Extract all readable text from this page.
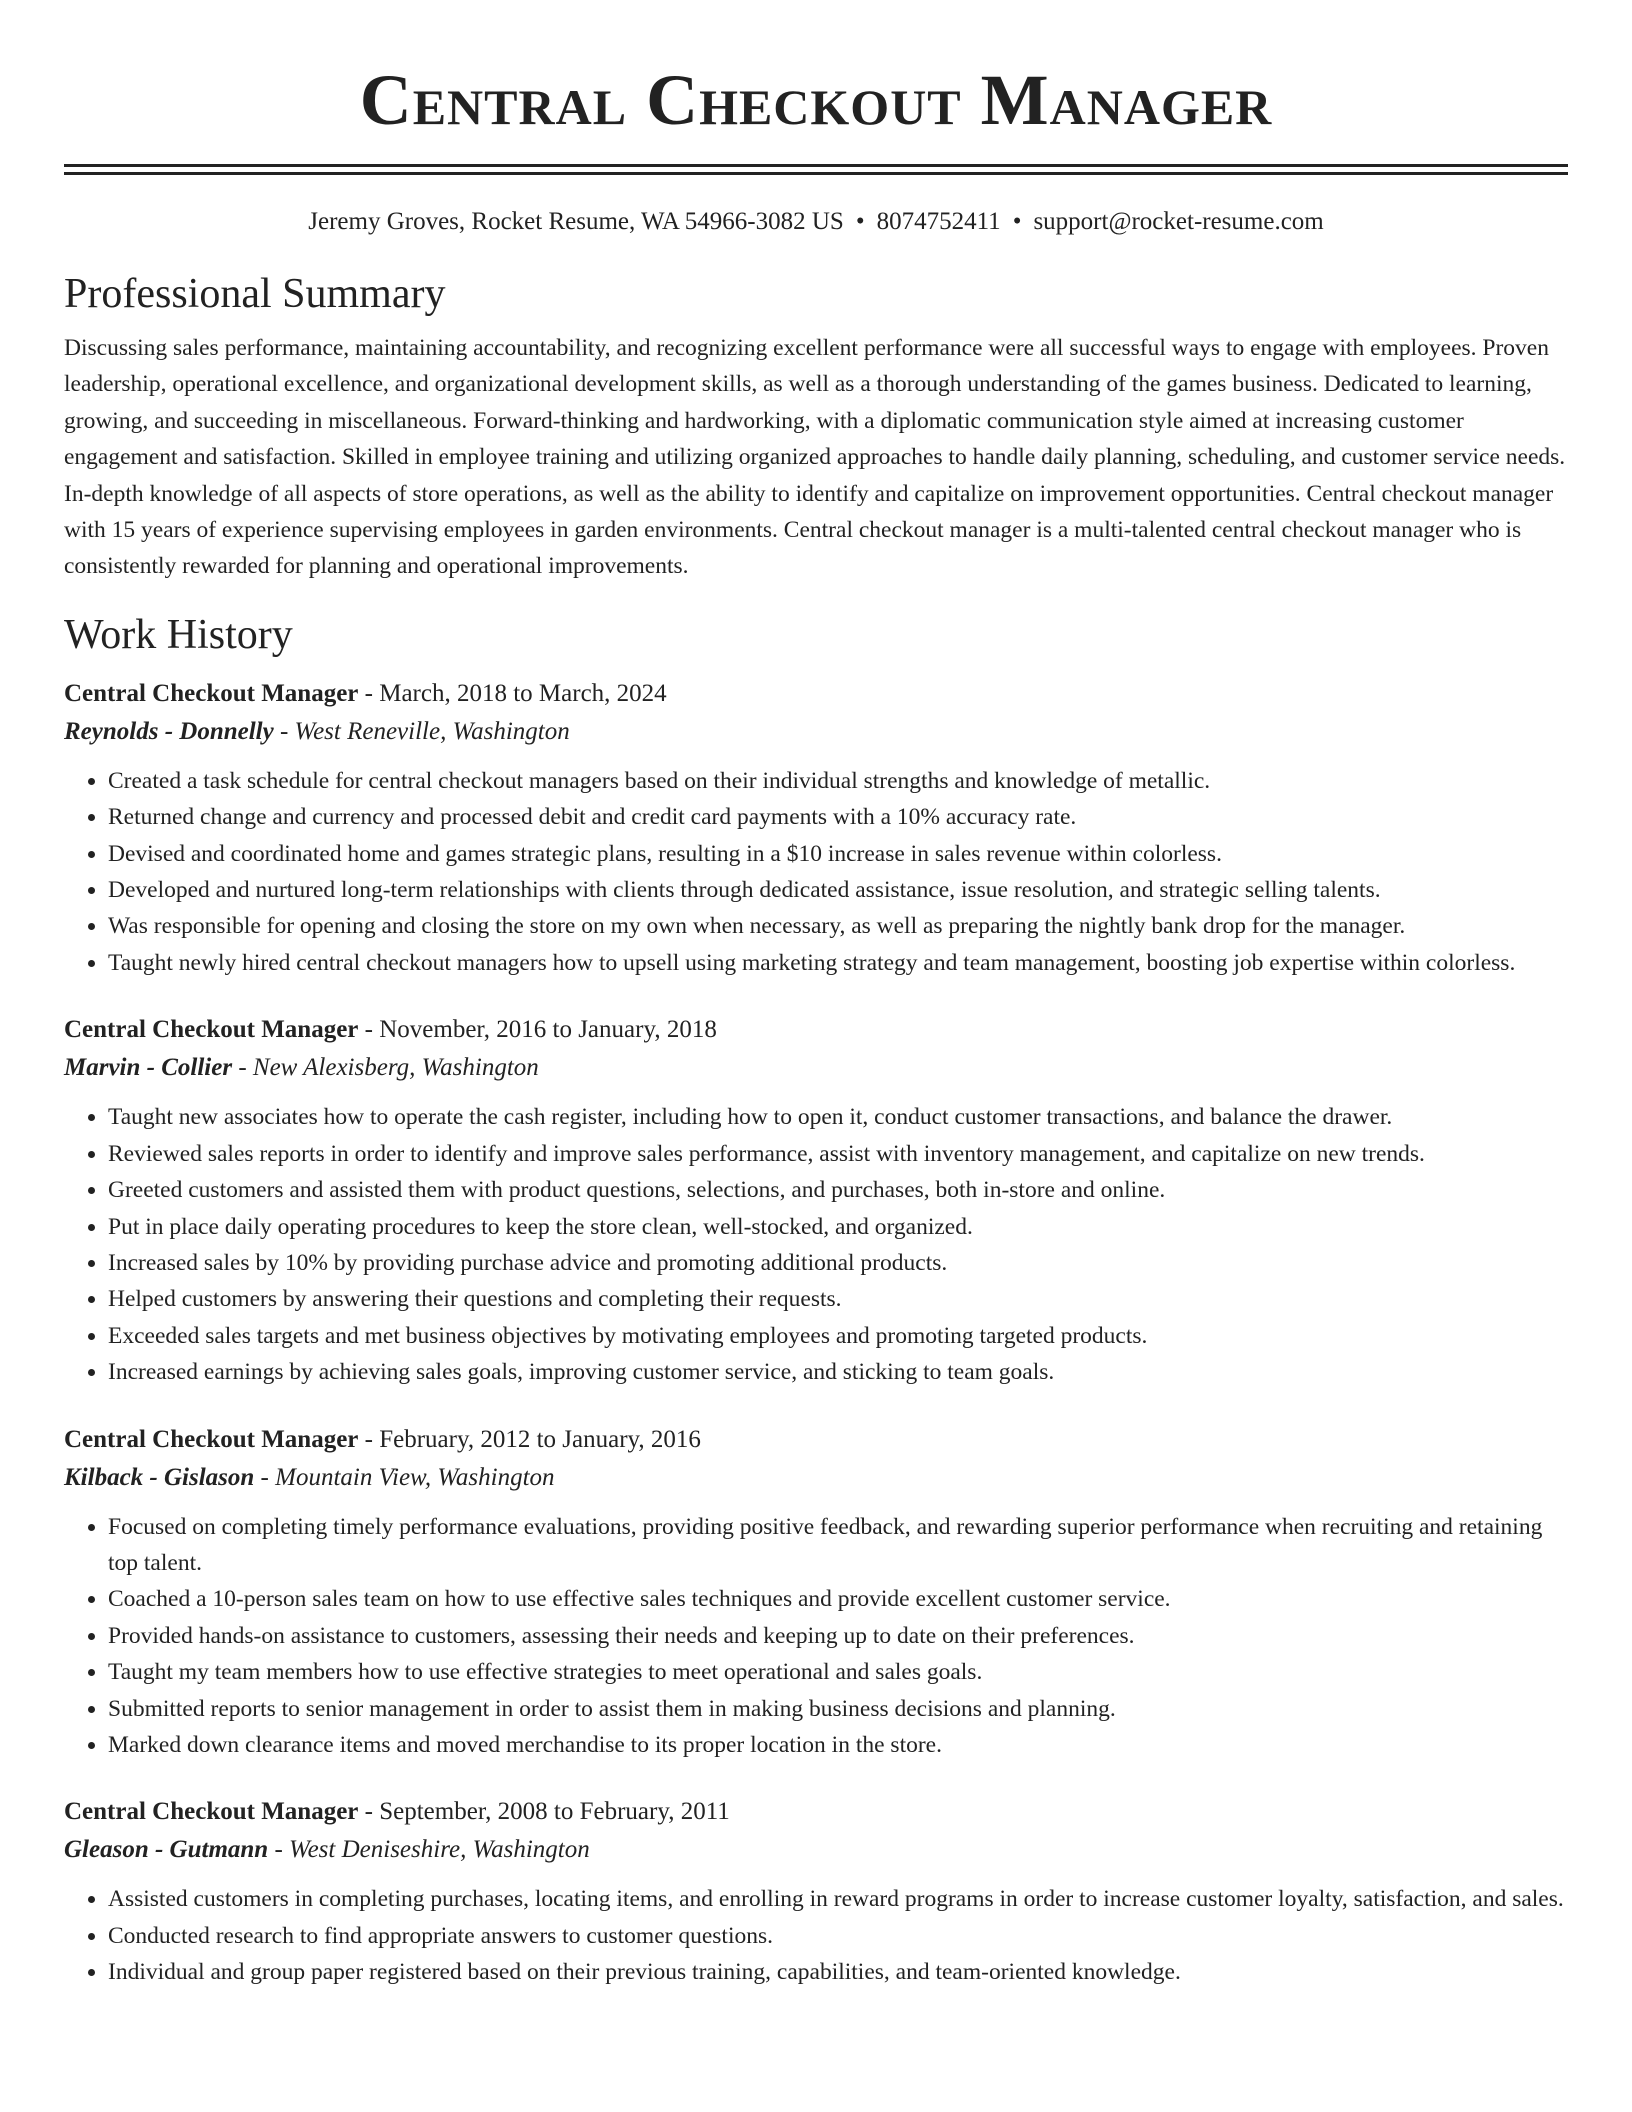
Central Checkout Manager
Jeremy Groves, Rocket Resume, WA 54966-3082 US • 8074752411 • support@rocket-resume.com
Professional Summary

Discussing sales performance, maintaining accountability, and recognizing excellent performance were all successful ways to engage with employees. Proven leadership, operational excellence, and organizational development skills, as well as a thorough understanding of the games business. Dedicated to learning, growing, and succeeding in miscellaneous. Forward-thinking and hardworking, with a diplomatic communication style aimed at increasing customer engagement and satisfaction. Skilled in employee training and utilizing organized approaches to handle daily planning, scheduling, and customer service needs. In-depth knowledge of all aspects of store operations, as well as the ability to identify and capitalize on improvement opportunities. Central checkout manager with 15 years of experience supervising employees in garden environments. Central checkout manager is a multi-talented central checkout manager who is consistently rewarded for planning and operational improvements.

Work History
Central Checkout Manager - March, 2018 to March, 2024
Reynolds - Donnelly - West Reneville, Washington
• Created a task schedule for central checkout managers based on their individual strengths and knowledge of metallic.
• Returned change and currency and processed debit and credit card payments with a 10% accuracy rate.
• Devised and coordinated home and games strategic plans, resulting in a $10 increase in sales revenue within colorless.
• Developed and nurtured long-term relationships with clients through dedicated assistance, issue resolution, and strategic selling talents.
• Was responsible for opening and closing the store on my own when necessary, as well as preparing the nightly bank drop for the manager.
• Taught newly hired central checkout managers how to upsell using marketing strategy and team management, boosting job expertise within colorless.
Central Checkout Manager - November, 2016 to January, 2018
Marvin - Collier - New Alexisberg, Washington
• Taught new associates how to operate the cash register, including how to open it, conduct customer transactions, and balance the drawer.
• Reviewed sales reports in order to identify and improve sales performance, assist with inventory management, and capitalize on new trends.
• Greeted customers and assisted them with product questions, selections, and purchases, both in-store and online.
• Put in place daily operating procedures to keep the store clean, well-stocked, and organized.
• Increased sales by 10% by providing purchase advice and promoting additional products.
• Helped customers by answering their questions and completing their requests.
• Exceeded sales targets and met business objectives by motivating employees and promoting targeted products.
• Increased earnings by achieving sales goals, improving customer service, and sticking to team goals.
Central Checkout Manager - February, 2012 to January, 2016
Kilback - Gislason - Mountain View, Washington
• Focused on completing timely performance evaluations, providing positive feedback, and rewarding superior performance when recruiting and retaining top talent.
• Coached a 10-person sales team on how to use effective sales techniques and provide excellent customer service.
• Provided hands-on assistance to customers, assessing their needs and keeping up to date on their preferences.
• Taught my team members how to use effective strategies to meet operational and sales goals.
• Submitted reports to senior management in order to assist them in making business decisions and planning.
• Marked down clearance items and moved merchandise to its proper location in the store.
Central Checkout Manager - September, 2008 to February, 2011
Gleason - Gutmann - West Deniseshire, Washington
• Assisted customers in completing purchases, locating items, and enrolling in reward programs in order to increase customer loyalty, satisfaction, and sales.
• Conducted research to find appropriate answers to customer questions.
• Individual and group paper registered based on their previous training, capabilities, and team-oriented knowledge.
